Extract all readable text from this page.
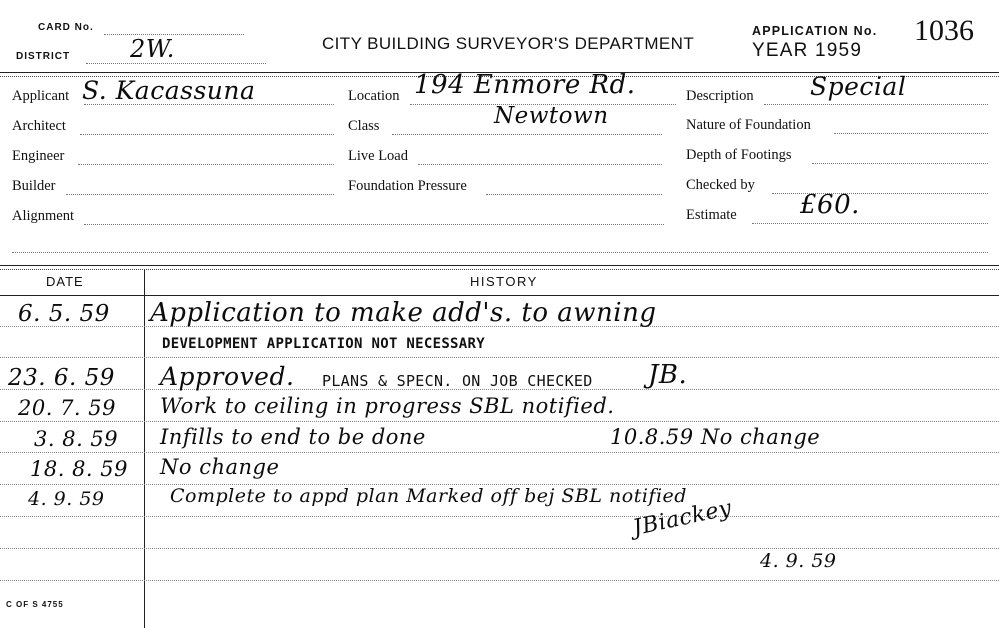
CARD No.
DISTRICT 2W.	CITY BUILDING SURVEYOR'S DEPARTMENT
APPLICATION No. 1036
YEAR 1959
Applicant S. Kacassuna
Architect
Engineer
Builder
Alignment
Location 194 Enmore Rd.
Class	Newtown
Live Load
Foundation Pressure
Description Special
Nature of Foundation
Depth of Footings
Checked by
Estimate £60.
DATE	HISTORY
6. 5. 59 Application to make add's. to awning
DEVELOPMENT APPLICATION NOT NECESSARY
23. 6. 59 Approved. PLANS & SPECN. ON JOB CHECKED JB.
20. 7. 59 Work to ceiling in progress SBL notified.
3. 8. 59 Infills to end to be done	10.8.59 No change
18. 8. 59 No change
4. 9. 59	Complete to appd plan Marked off bej SBL notified
JBiackey
4. 9. 59
C OF S 4755
